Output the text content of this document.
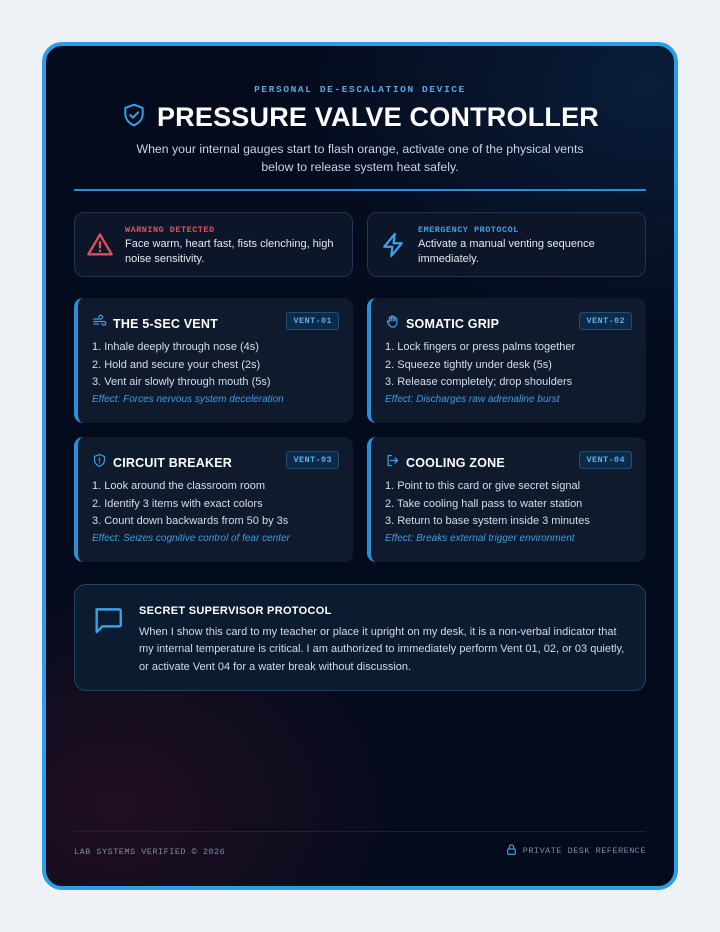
PERSONAL DE-ESCALATION DEVICE
PRESSURE VALVE CONTROLLER
When your internal gauges start to flash orange, activate one of the physical vents below to release system heat safely.
WARNING DETECTED
Face warm, heart fast, fists clenching, high noise sensitivity.
EMERGENCY PROTOCOL
Activate a manual venting sequence immediately.
THE 5-SEC VENT	VENT-01
1. Inhale deeply through nose (4s)
2. Hold and secure your chest (2s)
3. Vent air slowly through mouth (5s)
Effect: Forces nervous system deceleration
SOMATIC GRIP	VENT-02
1. Lock fingers or press palms together
2. Squeeze tightly under desk (5s)
3. Release completely; drop shoulders
Effect: Discharges raw adrenaline burst
CIRCUIT BREAKER	VENT-03
1. Look around the classroom room
2. Identify 3 items with exact colors
3. Count down backwards from 50 by 3s
Effect: Seizes cognitive control of fear center
COOLING ZONE	VENT-04
1. Point to this card or give secret signal
2. Take cooling hall pass to water station
3. Return to base system inside 3 minutes
Effect: Breaks external trigger environment
SECRET SUPERVISOR PROTOCOL
When I show this card to my teacher or place it upright on my desk, it is a non-verbal indicator that my internal temperature is critical. I am authorized to immediately perform Vent 01, 02, or 03 quietly, or activate Vent 04 for a water break without discussion.
LAB SYSTEMS VERIFIED © 2026	PRIVATE DESK REFERENCE
